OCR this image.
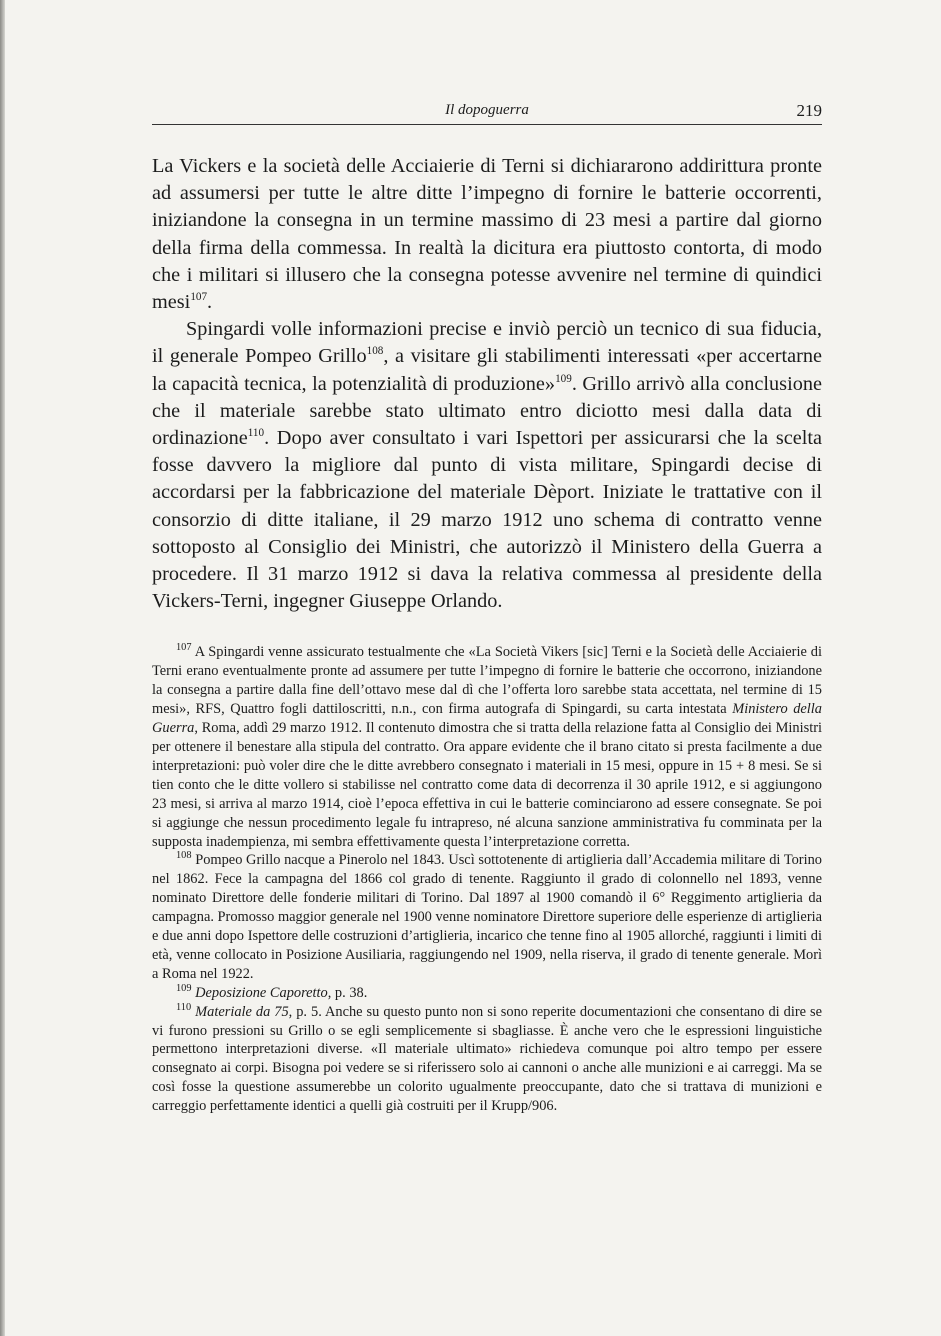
Il dopoguerra	219

La Vickers e la società delle Acciaierie di Terni si dichiararono addirittura pronte ad assumersi per tutte le altre ditte l’impegno di fornire le batterie occorrenti, iniziandone la consegna in un termine massimo di 23 mesi a partire dal giorno della firma della commessa. In realtà la dicitura era piuttosto contorta, di modo che i militari si illusero che la consegna potesse avvenire nel termine di quindici mesi$^{107}$.

Spingardi volle informazioni precise e inviò perciò un tecnico di sua fiducia, il generale Pompeo Grillo$^{108}$, a visitare gli stabilimenti interessati «per accertarne la capacità tecnica, la potenzialità di produzione»$^{109}$. Grillo arrivò alla conclusione che il materiale sarebbe stato ultimato entro diciotto mesi dalla data di ordinazione$^{110}$. Dopo aver consultato i vari Ispettori per assicurarsi che la scelta fosse davvero la migliore dal punto di vista militare, Spingardi decise di accordarsi per la fabbricazione del materiale Dèport. Iniziate le trattative con il consorzio di ditte italiane, il 29 marzo 1912 uno schema di contratto venne sottoposto al Consiglio dei Ministri, che autorizzò il Ministero della Guerra a procedere. Il 31 marzo 1912 si dava la relativa commessa al presidente della Vickers-Terni, ingegner Giuseppe Orlando.

$^{107}$ A Spingardi venne assicurato testualmente che «La Società Vikers [sic] Terni e la Società delle Acciaierie di Terni erano eventualmente pronte ad assumere per tutte l’impegno di fornire le batterie che occorrono, iniziandone la consegna a partire dalla fine dell’ottavo mese dal dì che l’offerta loro sarebbe stata accettata, nel termine di 15 mesi», RFS, Quattro fogli dattiloscritti, n.n., con firma autografa di Spingardi, su carta intestata Ministero della Guerra, Roma, addì 29 marzo 1912. Il contenuto dimostra che si tratta della relazione fatta al Consiglio dei Ministri per ottenere il benestare alla stipula del contratto. Ora appare evidente che il brano citato si presta facilmente a due interpretazioni: può voler dire che le ditte avrebbero consegnato i materiali in 15 mesi, oppure in 15 + 8 mesi. Se si tien conto che le ditte vollero si stabilisse nel contratto come data di decorrenza il 30 aprile 1912, e si aggiungono 23 mesi, si arriva al marzo 1914, cioè l’epoca effettiva in cui le batterie cominciarono ad essere consegnate. Se poi si aggiunge che nessun procedimento legale fu intrapreso, né alcuna sanzione amministrativa fu comminata per la supposta inadempienza, mi sembra effettivamente questa l’interpretazione corretta.

$^{108}$ Pompeo Grillo nacque a Pinerolo nel 1843. Uscì sottotenente di artiglieria dall’Accademia militare di Torino nel 1862. Fece la campagna del 1866 col grado di tenente. Raggiunto il grado di colonnello nel 1893, venne nominato Direttore delle fonderie militari di Torino. Dal 1897 al 1900 comandò il 6° Reggimento artiglieria da campagna. Promosso maggior generale nel 1900 venne nominatore Direttore superiore delle esperienze di artiglieria e due anni dopo Ispettore delle costruzioni d’artiglieria, incarico che tenne fino al 1905 allorché, raggiunti i limiti di età, venne collocato in Posizione Ausiliaria, raggiungendo nel 1909, nella riserva, il grado di tenente generale. Morì a Roma nel 1922.

$^{109}$ Deposizione Caporetto, p. 38.

$^{110}$ Materiale da 75, p. 5. Anche su questo punto non si sono reperite documentazioni che consentano di dire se vi furono pressioni su Grillo o se egli semplicemente si sbagliasse. È anche vero che le espressioni linguistiche permettono interpretazioni diverse. «Il materiale ultimato» richiedeva comunque poi altro tempo per essere consegnato ai corpi. Bisogna poi vedere se si riferissero solo ai cannoni o anche alle munizioni e ai carreggi. Ma se così fosse la questione assumerebbe un colorito ugualmente preoccupante, dato che si trattava di munizioni e carreggio perfettamente identici a quelli già costruiti per il Krupp/906.
